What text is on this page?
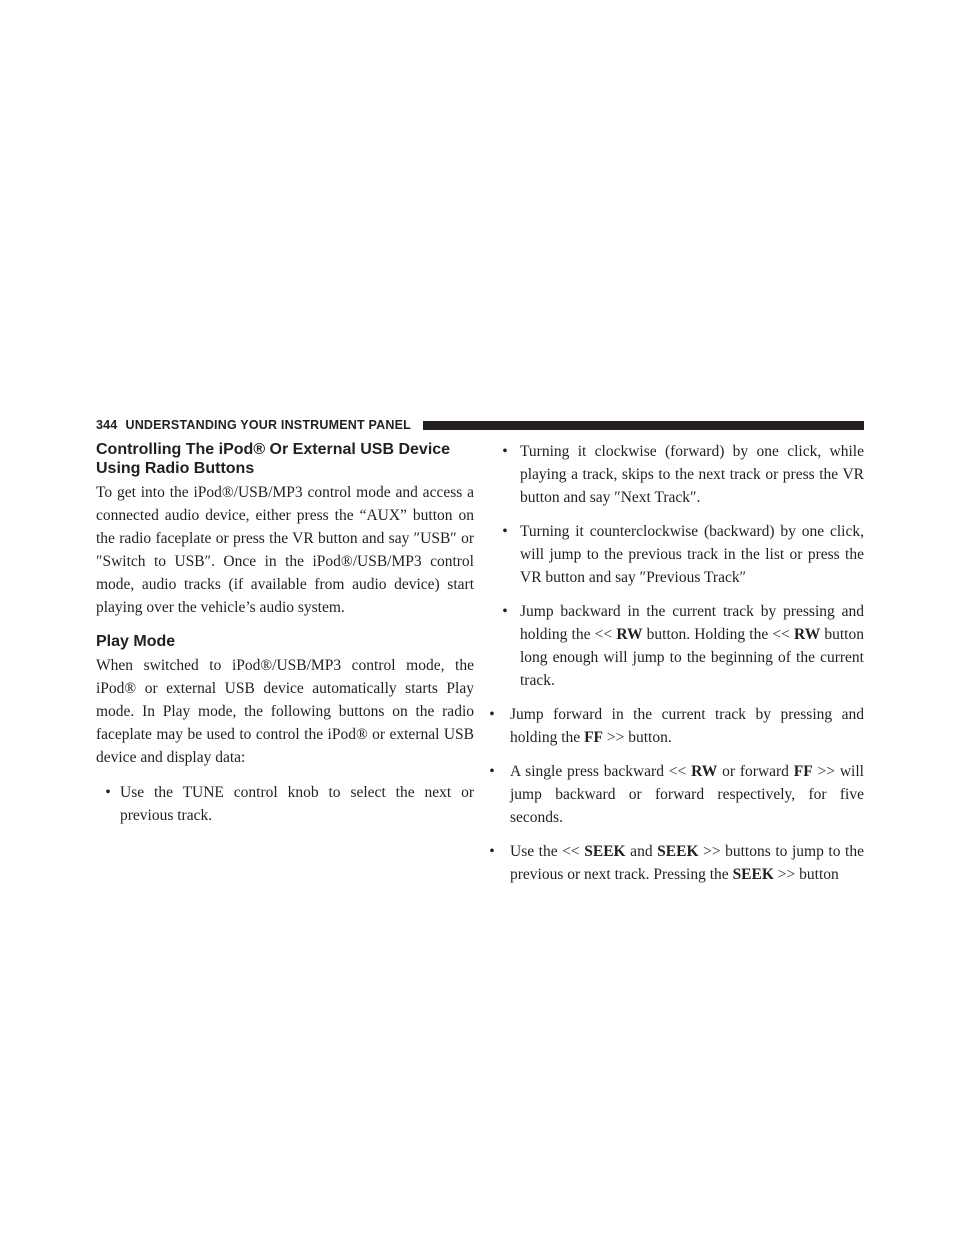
344 UNDERSTANDING YOUR INSTRUMENT PANEL
Controlling The iPod® Or External USB Device
Using Radio Buttons

To get into the iPod®/USB/MP3 control mode and access a connected audio device, either press the “AUX” button on the radio faceplate or press the VR button and say ″USB″ or ″Switch to USB″. Once in the iPod®/USB/MP3 control mode, audio tracks (if available from audio device) start playing over the vehicle’s audio system.

Play Mode

When switched to iPod®/USB/MP3 control mode, the iPod® or external USB device automatically starts Play mode. In Play mode, the following buttons on the radio faceplate may be used to control the iPod® or external USB device and display data:

• Use the TUNE control knob to select the next or previous track.
• Turning it clockwise (forward) by one click, while playing a track, skips to the next track or press the VR button and say ″Next Track″.
• Turning it counterclockwise (backward) by one click, will jump to the previous track in the list or press the VR button and say ″Previous Track″
• Jump backward in the current track by pressing and holding the << RW button. Holding the << RW button long enough will jump to the beginning of the current track.
• Jump forward in the current track by pressing and holding the FF >> button.
• A single press backward << RW or forward FF >> will jump backward or forward respectively, for five seconds.
• Use the << SEEK and SEEK >> buttons to jump to the previous or next track. Pressing the SEEK >> button
